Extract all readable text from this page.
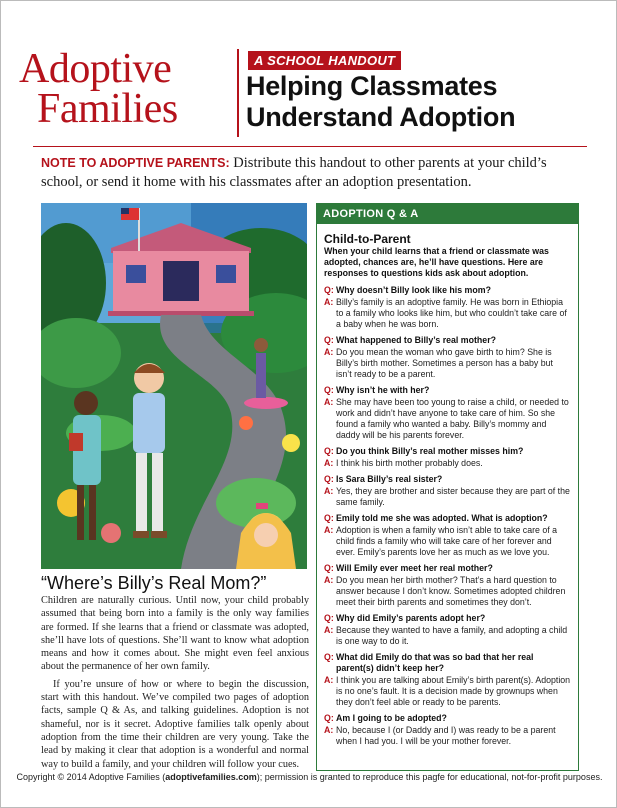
Adoptive
Families
A SCHOOL HANDOUT
Helping Classmates
Understand Adoption
NOTE TO ADOPTIVE PARENTS: Distribute this handout to other parents at your child’s school, or send it home with his classmates after an adoption presentation.
“Where’s Billy’s Real Mom?”

Children are naturally curious. Until now, your child probably assumed that being born into a family is the only way families are formed. If she learns that a friend or classmate was adopted, she’ll have lots of questions. She’ll want to know what adoption means and how it comes about. She might even feel anxious about the permanence of her own family.

If you’re unsure of how or where to begin the discussion, start with this handout. We’ve compiled two pages of adoption facts, sample Q & As, and talking guidelines. Adoption is not shameful, nor is it secret. Adoptive families talk openly about adoption from the time their children are very young. Take the lead by making it clear that adoption is a wonderful and normal way to build a family, and your children will follow your cues.

ADOPTION Q & A
Child-to-Parent
When your child learns that a friend or classmate was adopted, chances are, he’ll have questions. Here are responses to questions kids ask about adoption.
Q: Why doesn’t Billy look like his mom?
A: Billy’s family is an adoptive family. He was born in Ethiopia to a family who looks like him, but who couldn’t take care of a baby when he was born.
Q: What happened to Billy’s real mother?
A: Do you mean the woman who gave birth to him? She is Billy’s birth mother. Sometimes a person has a baby but isn’t ready to be a parent.
Q: Why isn’t he with her?
A: She may have been too young to raise a child, or needed to work and didn’t have anyone to take care of him. So she found a family who wanted a baby. Billy’s mommy and daddy will be his parents forever.
Q: Do you think Billy’s real mother misses him?
A: I think his birth mother probably does.
Q: Is Sara Billy’s real sister?
A: Yes, they are brother and sister because they are part of the same family.
Q: Emily told me she was adopted. What is adoption?
A: Adoption is when a family who isn’t able to take care of a child finds a family who will take care of her forever and ever. Emily’s parents love her as much as we love you.
Q: Will Emily ever meet her real mother?
A: Do you mean her birth mother? That’s a hard question to answer because I don’t know. Sometimes adopted children meet their birth parents and sometimes they don’t.
Q: Why did Emily’s parents adopt her?
A: Because they wanted to have a family, and adopting a child is one way to do it.
Q: What did Emily do that was so bad that her real parent(s) didn’t keep her?
A: I think you are talking about Emily’s birth parent(s). Adoption is no one’s fault. It is a decision made by grownups when they don’t feel able or ready to be parents.
Q: Am I going to be adopted?
A: No, because I (or Daddy and I) was ready to be a parent when I had you. I will be your mother forever.
Copyright © 2014 Adoptive Families (adoptivefamilies.com); permission is granted to reproduce this pagfe for educational, not-for-profit purposes.
